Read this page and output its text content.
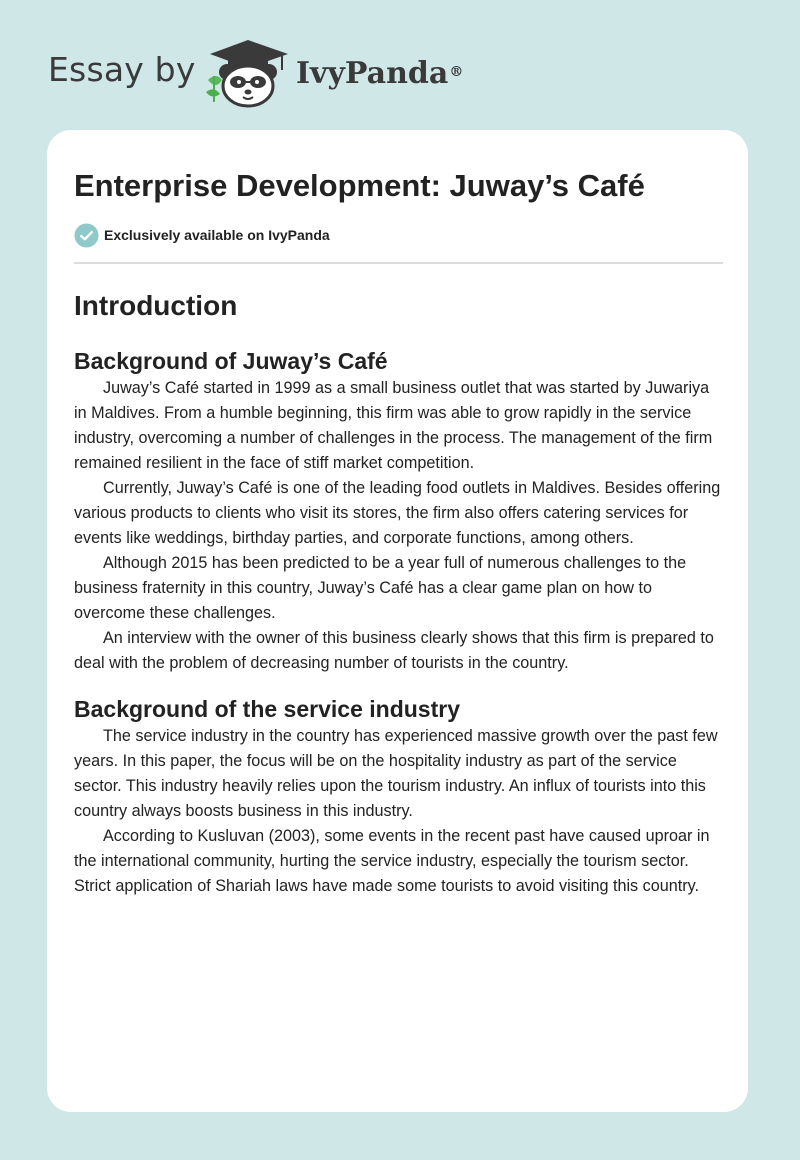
Essay by	IvyPanda®
Enterprise Development: Juway’s Café
Exclusively available on IvyPanda
Introduction
Background of Juway’s Café

Juway’s Café started in 1999 as a small business outlet that was started by Juwariya in Maldives. From a humble beginning, this firm was able to grow rapidly in the service industry, overcoming a number of challenges in the process. The management of the firm remained resilient in the face of stiff market competition.

Currently, Juway’s Café is one of the leading food outlets in Maldives. Besides offering various products to clients who visit its stores, the firm also offers catering services for events like weddings, birthday parties, and corporate functions, among others.

Although 2015 has been predicted to be a year full of numerous challenges to the business fraternity in this country, Juway’s Café has a clear game plan on how to overcome these challenges.

An interview with the owner of this business clearly shows that this firm is prepared to deal with the problem of decreasing number of tourists in the country.

Background of the service industry

The service industry in the country has experienced massive growth over the past few years. In this paper, the focus will be on the hospitality industry as part of the service sector. This industry heavily relies upon the tourism industry. An influx of tourists into this country always boosts business in this industry.

According to Kusluvan (2003), some events in the recent past have caused uproar in the international community, hurting the service industry, especially the tourism sector. Strict application of Shariah laws have made some tourists to avoid visiting this country.
